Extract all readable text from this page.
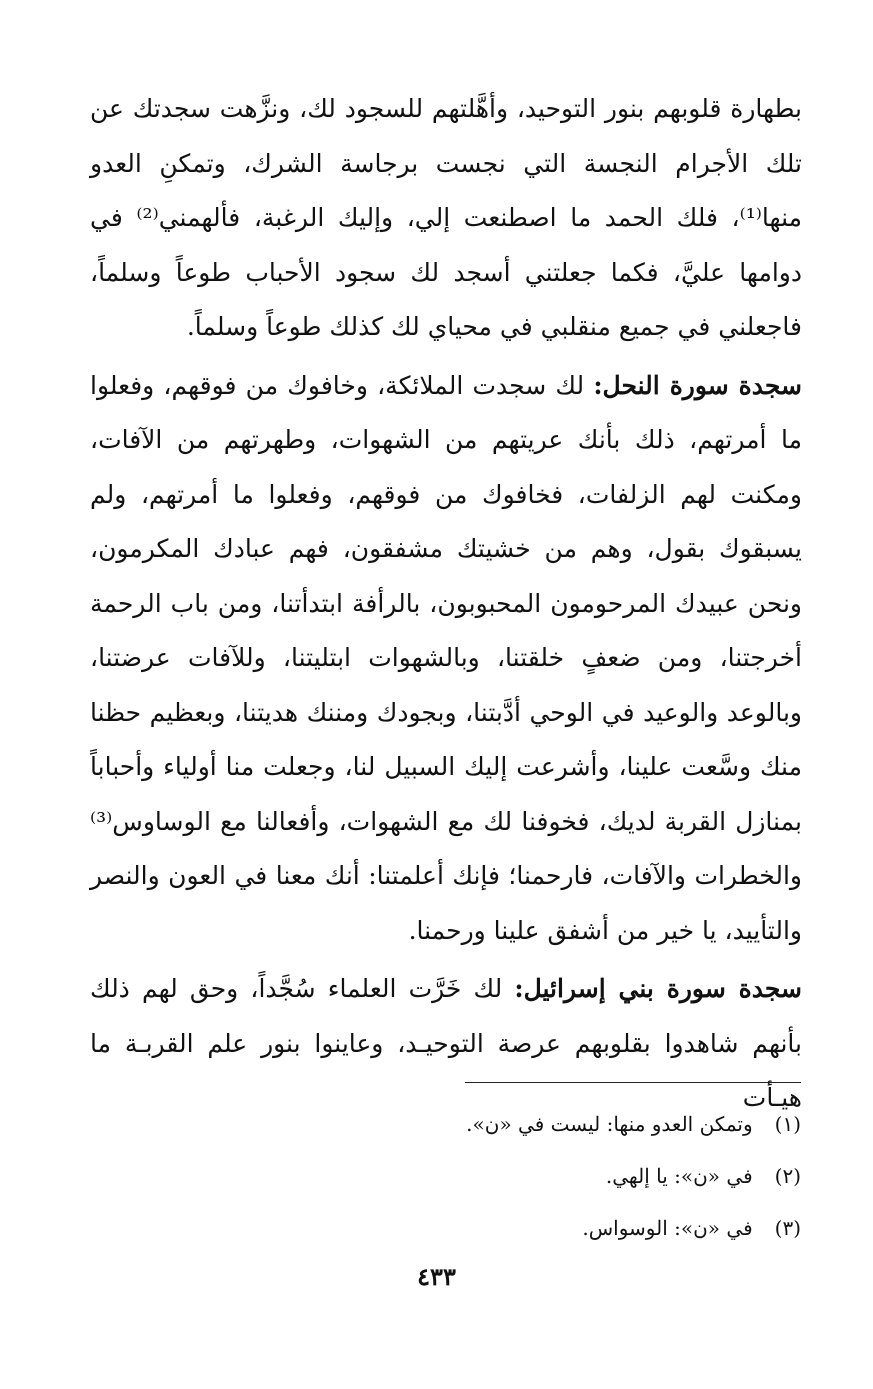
بطهارة قلوبهم بنور التوحيد، وأهَّلتهم للسجود لك، ونزَّهت سجدتك عن تلك الأجرام النجسة التي نجست برجاسة الشرك، وتمكنِ العدو منها⁽¹⁾، فلك الحمد ما اصطنعت إلي، وإليك الرغبة، فألهمني⁽²⁾ في دوامها عليَّ، فكما جعلتني أسجد لك سجود الأحباب طوعاً وسلماً، فاجعلني في جميع منقلبي في محياي لك كذلك طوعاً وسلماً.

سجدة سورة النحل: لك سجدت الملائكة، وخافوك من فوقهم، وفعلوا ما أمرتهم، ذلك بأنك عريتهم من الشهوات، وطهرتهم من الآفات، ومكنت لهم الزلفات، فخافوك من فوقهم، وفعلوا ما أمرتهم، ولم يسبقوك بقول، وهم من خشيتك مشفقون، فهم عبادك المكرمون، ونحن عبيدك المرحومون المحبوبون، بالرأفة ابتدأتنا، ومن باب الرحمة أخرجتنا، ومن ضعفٍ خلقتنا، وبالشهوات ابتليتنا، وللآفات عرضتنا، وبالوعد والوعيد في الوحي أدَّبتنا، وبجودك ومننك هديتنا، وبعظيم حظنا منك وسَّعت علينا، وأشرعت إليك السبيل لنا، وجعلت منا أولياء وأحباباً بمنازل القربة لديك، فخوفنا لك مع الشهوات، وأفعالنا مع الوساوس⁽³⁾ والخطرات والآفات، فارحمنا؛ فإنك أعلمتنا: أنك معنا في العون والنصر والتأييد، يا خير من أشفق علينا ورحمنا.

سجدة سورة بني إسرائيل: لك خَرَّت العلماء سُجَّداً، وحق لهم ذلك بأنهم شاهدوا بقلوبهم عرصة التوحيـد، وعاينوا بنور علم القربـة ما هيـأت

(١) وتمكن العدو منها: ليست في «ن».
(٢) في «ن»: يا إلهي.
(٣) في «ن»: الوسواس.
٤٣٣
